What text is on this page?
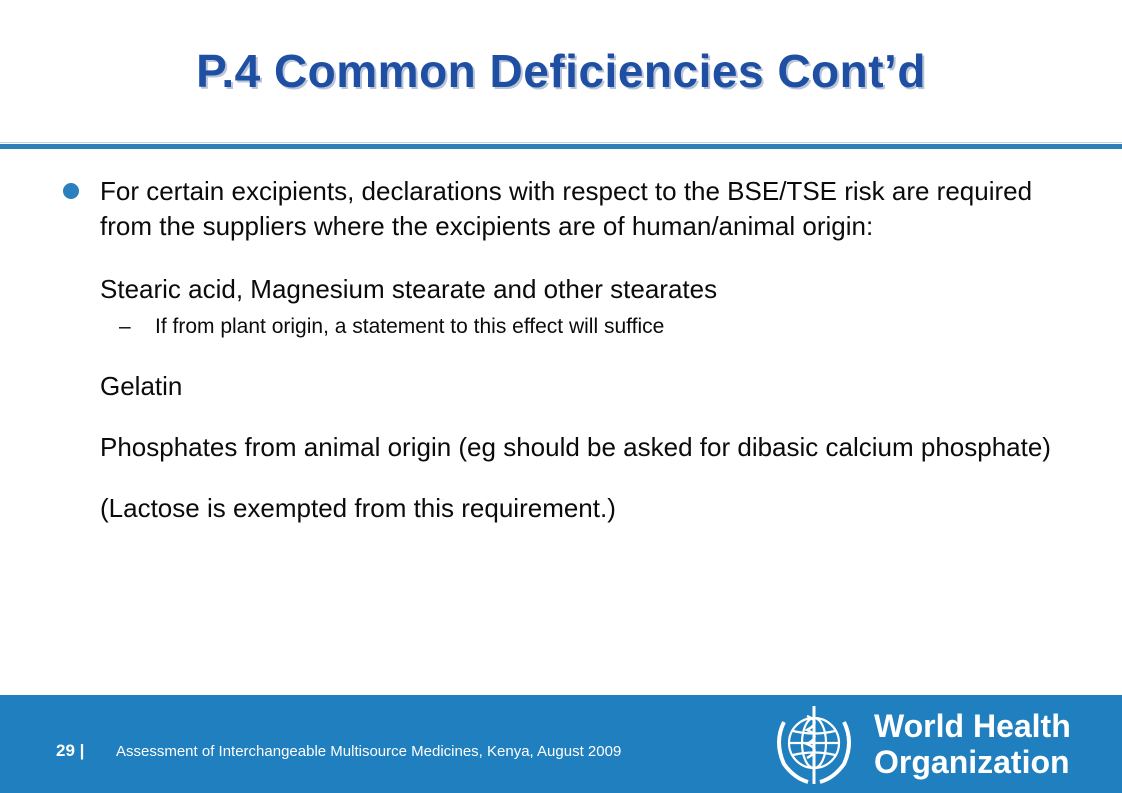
P.4 Common Deficiencies Cont’d
For certain excipients, declarations with respect to the BSE/TSE risk are required from the suppliers where the excipients are of human/animal origin:
Stearic acid, Magnesium stearate and other stearates
– If from plant origin, a statement to this effect will suffice
Gelatin
Phosphates from animal origin (eg should be asked for dibasic calcium phosphate)
(Lactose is exempted from this requirement.)
29 | Assessment of Interchangeable Multisource Medicines, Kenya, August 2009
World Health
Organization
